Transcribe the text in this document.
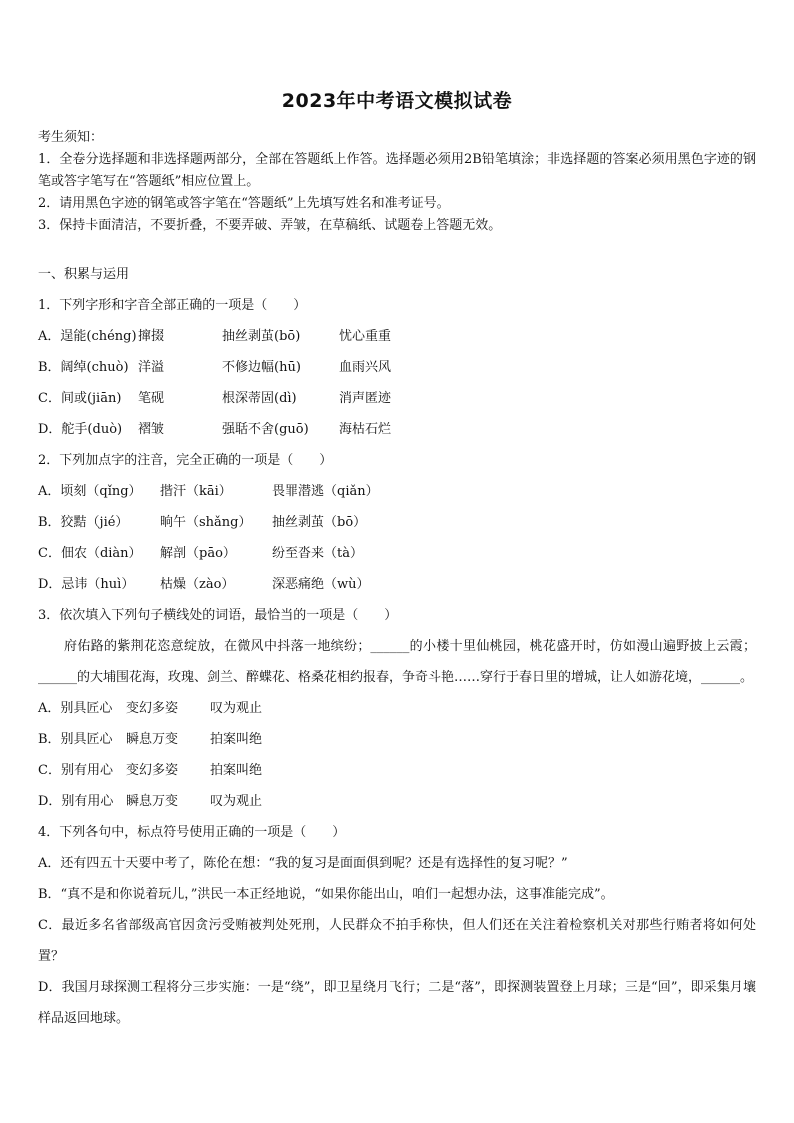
2023年中考语文模拟试卷

考生须知：

1．全卷分选择题和非选择题两部分，全部在答题纸上作答。选择题必须用2B铅笔填涂；非选择题的答案必须用黑色字迹的钢笔或答字笔写在“答题纸”相应位置上。

2．请用黑色字迹的钢笔或答字笔在“答题纸”上先填写姓名和准考证号。

3．保持卡面清洁，不要折叠，不要弄破、弄皱，在草稿纸、试题卷上答题无效。

一、积累与运用

1．下列字形和字音全部正确的一项是（　　）

A．逞能(chéng) 撺掇	抽丝剥茧(bō)	忧心重重
B．阔绰(chuò) 洋溢	不修边幅(hū)	血雨兴风
C．间或(jiān)	笔砚	根深蒂固(dì)	消声匿迹
D．舵手(duò)	褶皱	强聒不舍(guō)	海枯石烂

2．下列加点字的注音，完全正确的一项是（　　）

A．顷刻（qǐng）	揩汗（kāi）	畏罪潜逃（qiǎn）
B．狡黠（jié）	晌午（shǎng）	抽丝剥茧（bō）
C．佃农（diàn）	解剖（pāo）	纷至沓来（tà）
D．忌讳（huì）	枯燥（zào）	深恶痛绝（wù）

3．依次填入下列句子横线处的词语，最恰当的一项是（　　）

府佑路的紫荆花恣意绽放，在微风中抖落一地缤纷；______的小楼十里仙桃园，桃花盛开时，仿如漫山遍野披上云霞；______的大埔围花海，玫瑰、剑兰、醉蝶花、格桑花相约报春，争奇斗艳……穿行于春日里的增城，让人如游花境，______。

A．别具匠心	变幻多姿	叹为观止
B．别具匠心	瞬息万变	拍案叫绝
C．别有用心	变幻多姿	拍案叫绝
D．别有用心 瞬息万变	叹为观止

4．下列各句中，标点符号使用正确的一项是（　　）

A．还有四五十天要中考了，陈伦在想：“我的复习是面面俱到呢？还是有选择性的复习呢？”

B．“真不是和你说着玩儿，”洪民一本正经地说，“如果你能出山，咱们一起想办法，这事准能完成”。

C．最近多名省部级高官因贪污受贿被判处死刑，人民群众不拍手称快，但人们还在关注着检察机关对那些行贿者将如何处置？

D．我国月球探测工程将分三步实施：一是“绕”，即卫星绕月飞行；二是“落”，即探测装置登上月球；三是“回”，即采集月壤样品返回地球。
